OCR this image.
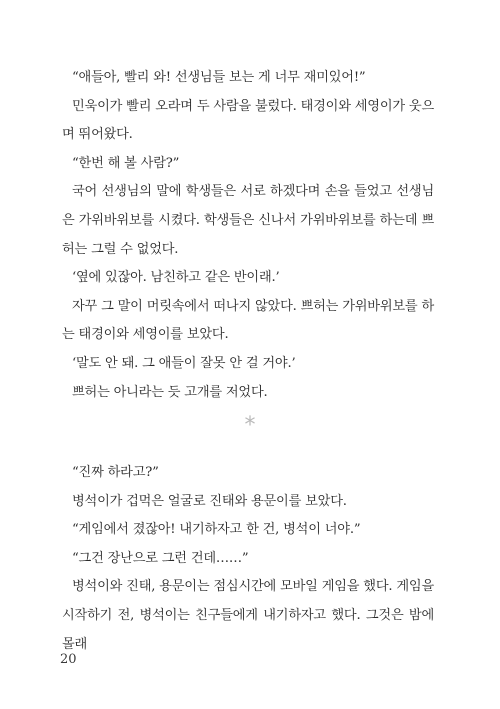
“애들아, 빨리 와! 선생님들 보는 게 너무 재미있어!”

민욱이가 빨리 오라며 두 사람을 불렀다. 태경이와 세영이가 웃으며 뛰어왔다.

“한번 해 볼 사람?”

국어 선생님의 말에 학생들은 서로 하겠다며 손을 들었고 선생님은 가위바위보를 시켰다. 학생들은 신나서 가위바위보를 하는데 쁘허는 그럴 수 없었다.

‘옆에 있잖아. 남친하고 같은 반이래.’

자꾸 그 말이 머릿속에서 떠나지 않았다. 쁘허는 가위바위보를 하는 태경이와 세영이를 보았다.

‘말도 안 돼. 그 애들이 잘못 안 걸 거야.’

쁘허는 아니라는 듯 고개를 저었다.

*

“진짜 하라고?”

병석이가 겁먹은 얼굴로 진태와 용문이를 보았다.

“게임에서 졌잖아! 내기하자고 한 건, 병석이 너야.”

“그건 장난으로 그런 건데……”

병석이와 진태, 용문이는 점심시간에 모바일 게임을 했다. 게임을 시작하기 전, 병석이는 친구들에게 내기하자고 했다. 그것은 밤에 몰래

20
